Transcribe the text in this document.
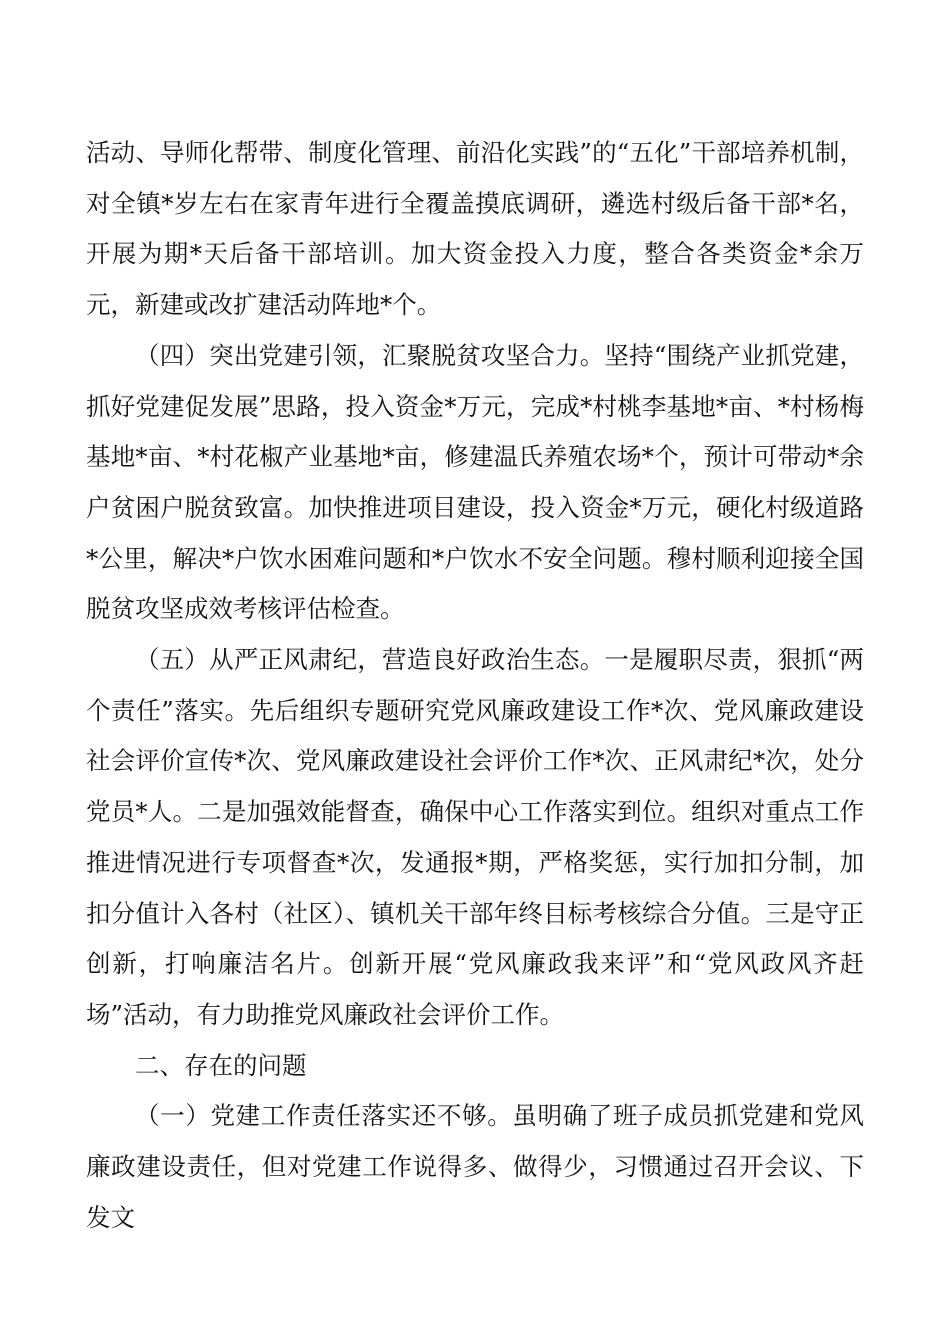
活动、导师化帮带、制度化管理、前沿化实践”的“五化”干部培养机制，对全镇*岁左右在家青年进行全覆盖摸底调研，遴选村级后备干部*名，开展为期*天后备干部培训。加大资金投入力度，整合各类资金*余万元，新建或改扩建活动阵地*个。

（四）突出党建引领，汇聚脱贫攻坚合力。坚持“围绕产业抓党建，抓好党建促发展”思路，投入资金*万元，完成*村桃李基地*亩、*村杨梅基地*亩、*村花椒产业基地*亩，修建温氏养殖农场*个，预计可带动*余户贫困户脱贫致富。加快推进项目建设，投入资金*万元，硬化村级道路*公里，解决*户饮水困难问题和*户饮水不安全问题。穆村顺利迎接全国脱贫攻坚成效考核评估检查。

（五）从严正风肃纪，营造良好政治生态。一是履职尽责，狠抓“两个责任”落实。先后组织专题研究党风廉政建设工作*次、党风廉政建设社会评价宣传*次、党风廉政建设社会评价工作*次、正风肃纪*次，处分党员*人。二是加强效能督查，确保中心工作落实到位。组织对重点工作推进情况进行专项督查*次，发通报*期，严格奖惩，实行加扣分制，加扣分值计入各村（社区）、镇机关干部年终目标考核综合分值。三是守正创新，打响廉洁名片。创新开展“党风廉政我来评”和“党风政风齐赶场”活动，有力助推党风廉政社会评价工作。

二、存在的问题

（一）党建工作责任落实还不够。虽明确了班子成员抓党建和党风廉政建设责任，但对党建工作说得多、做得少，习惯通过召开会议、下发文
